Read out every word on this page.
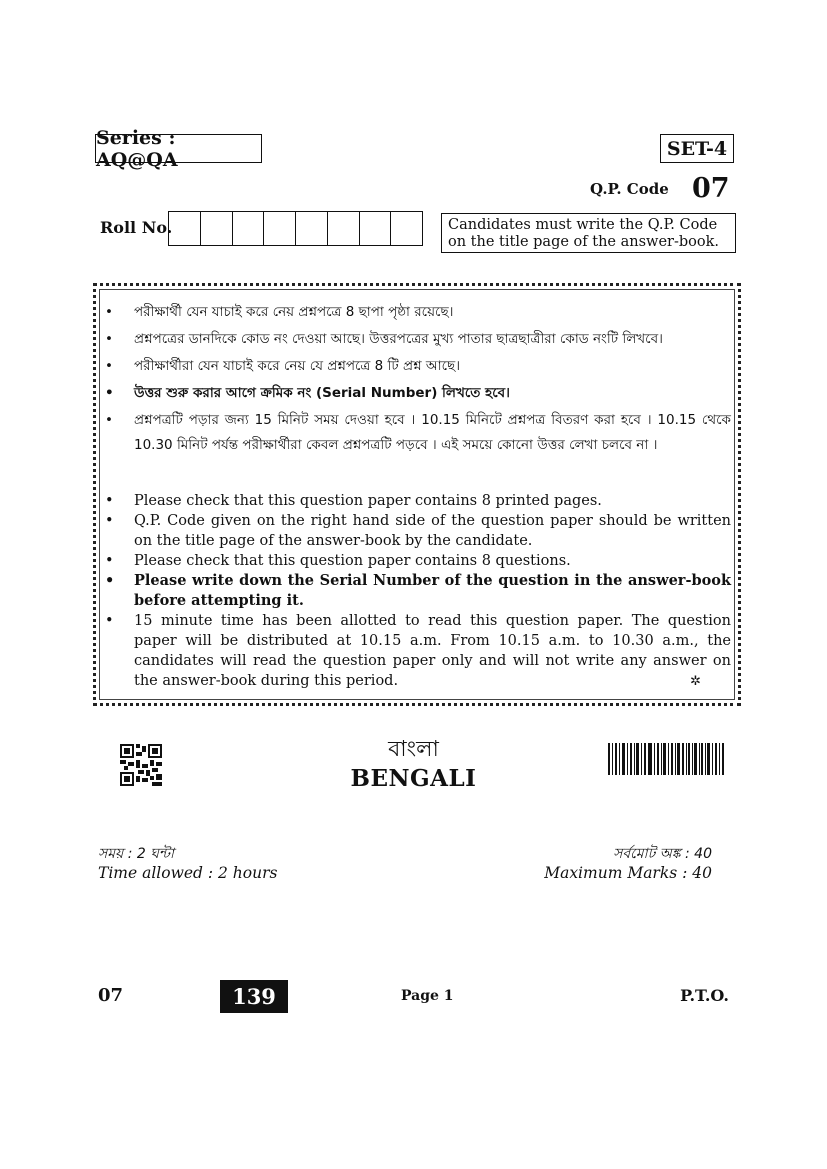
Series : AQ@QA	SET-4
Q.P. Code 07
Roll No.	Candidates must write the Q.P. Code on the title page of the answer-book.
• পরীক্ষার্থী যেন যাচাই করে নেয় প্রশ্নপত্রে 8 ছাপা পৃষ্ঠা রয়েছে।
• প্রশ্নপত্রের ডানদিকে কোড নং দেওয়া আছে। উত্তরপত্রের মুখ্য পাতার ছাত্রছাত্রীরা কোড নংটি লিখবে।
• পরীক্ষার্থীরা যেন যাচাই করে নেয় যে প্রশ্নপত্রে 8 টি প্রশ্ন আছে।
• উত্তর শুরু করার আগে ক্রমিক নং (Serial Number) লিখতে হবে।
• প্রশ্নপত্রটি পড়ার জন্য 15 মিনিট সময় দেওয়া হবে । 10.15 মিনিটে প্রশ্নপত্র বিতরণ করা হবে । 10.15 থেকে 10.30 মিনিট পর্যন্ত পরীক্ষার্থীরা কেবল প্রশ্নপত্রটি পড়বে । এই সময়ে কোনো উত্তর লেখা চলবে না ।
• Please check that this question paper contains 8 printed pages.
• Q.P. Code given on the right hand side of the question paper should be written on the title page of the answer-book by the candidate.
• Please check that this question paper contains 8 questions.
• Please write down the Serial Number of the question in the answer-book before attempting it.
• 15 minute time has been allotted to read this question paper. The question paper will be distributed at 10.15 a.m. From 10.15 a.m. to 10.30 a.m., the candidates will read the question paper only and will not write any answer on the answer-book during this period.	✲
বাংলা
BENGALI
সময় : 2 ঘন্টা
Time allowed : 2 hours
সর্বমোট অঙ্ক : 40
Maximum Marks : 40
07	139	Page 1	P.T.O.
